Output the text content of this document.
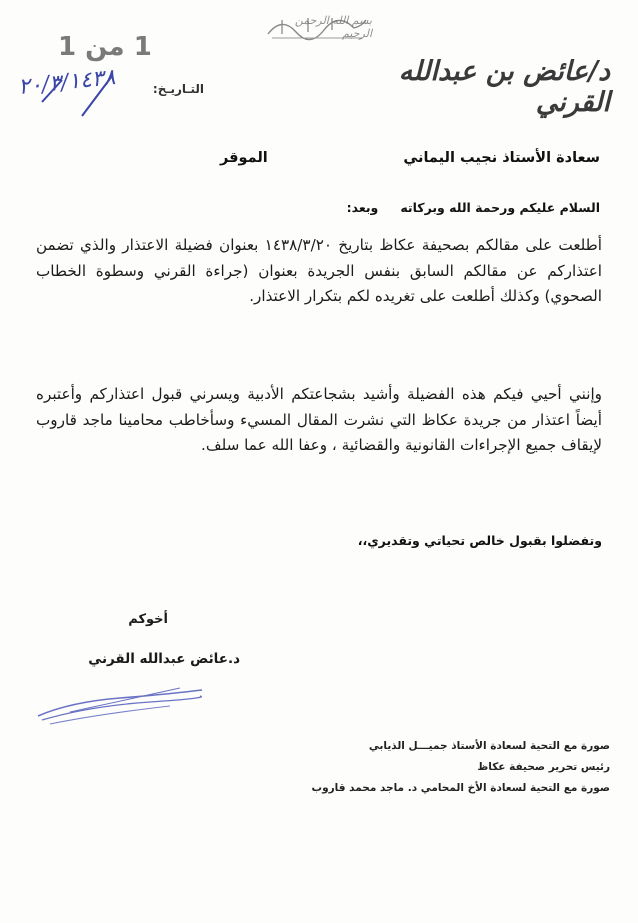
1 من 1
بسم الله الرحمن الرحيم
د/عائض بن عبدالله القرني
التـاريـخ:
٢٠/٣/١٤٣٨
سعادة الأستاذ نجيب اليماني
الموقر
السلام عليكم ورحمة الله وبركاته
وبعد:

أطلعت على مقالكم بصحيفة عكاظ بتاريخ ١٤٣٨/٣/٢٠ بعنوان فضيلة الاعتذار والذي تضمن اعتذاركم عن مقالكم السابق بنفس الجريدة بعنوان (جراءة القرني وسطوة الخطاب الصحوي) وكذلك أطلعت على تغريده لكم بتكرار الاعتذار.

وإنني أحيي فيكم هذه الفضيلة وأشيد بشجاعتكم الأدبية ويسرني قبول اعتذاركم وأعتبره أيضاً اعتذار من جريدة عكاظ التي نشرت المقال المسيء وسأخاطب محامينا ماجد قاروب لإيقاف جميع الإجراءات القانونية والقضائية ، وعفا الله عما سلف.

وتفضلوا بقبول خالص تحياتي وتقديري،،
أخوكم
د.عائض عبدالله القرني
صورة مع التحية لسعادة الأستاذ جميـــل الذيابي
رئيس تحرير صحيفة عكاظ
صورة مع التحية لسعادة الأخ المحامي د. ماجد محمد قاروب
